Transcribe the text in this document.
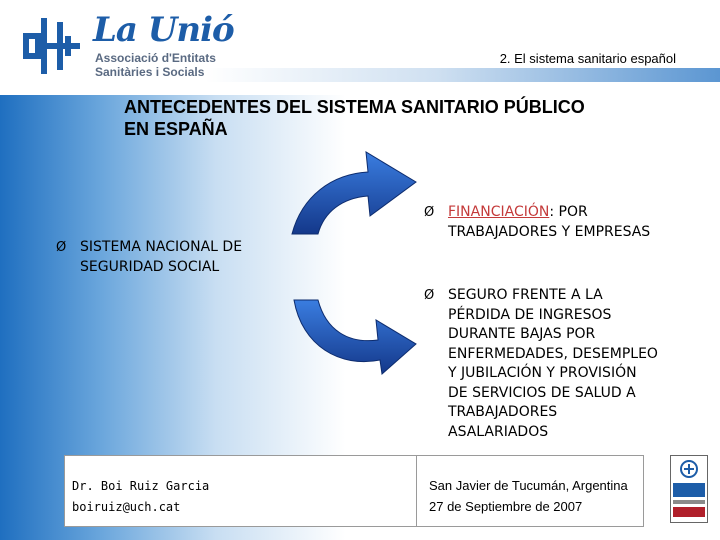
La Unió
Associació d'Entitats
Sanitàries i Socials
2. El sistema sanitario español
ANTECEDENTES DEL SISTEMA SANITARIO PÚBLICO
EN ESPAÑA
Ø SISTEMA NACIONAL DE
SEGURIDAD SOCIAL
Ø FINANCIACIÓN: POR
TRABAJADORES Y EMPRESAS
Ø SEGURO FRENTE A LA
PÉRDIDA DE INGRESOS
DURANTE BAJAS POR
ENFERMEDADES, DESEMPLEO
Y JUBILACIÓN Y PROVISIÓN
DE SERVICIOS DE SALUD A
TRABAJADORES
ASALARIADOS
Dr. Boi Ruiz Garcia
boiruiz@uch.cat
San Javier de Tucumán, Argentina
27 de Septiembre de 2007
